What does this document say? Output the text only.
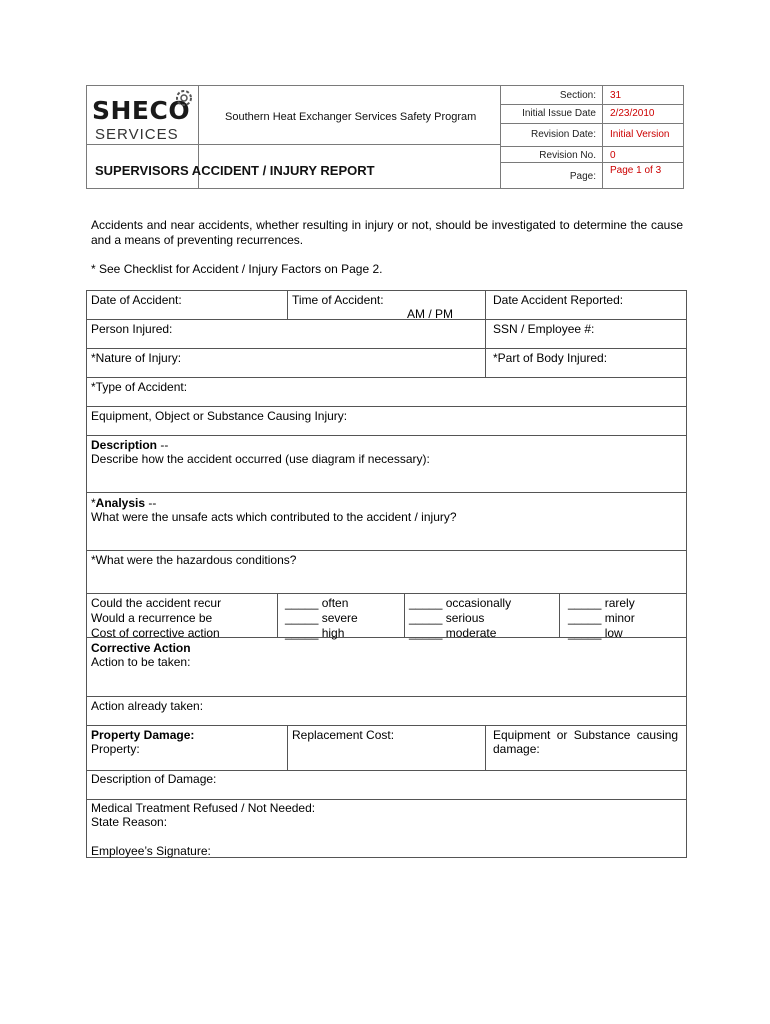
SHECO
SERVICES
Southern Heat Exchanger Services Safety Program
SUPERVISORS ACCIDENT / INJURY REPORT
Section: 31
Initial Issue Date 2/23/2010
Revision Date: Initial Version
Revision No. 0
Page:
Page 1 of 3
Accidents and near accidents, whether resulting in injury or not, should be investigated to determine the cause and a means of preventing recurrences.
* See Checklist for Accident / Injury Factors on Page 2.
Date of Accident:	Time of Accident:
AM / PM
Date Accident Reported:
Person Injured:	SSN / Employee #:
*Nature of Injury:	*Part of Body Injured:
*Type of Accident:
Equipment, Object or Substance Causing Injury:
Description --
Describe how the accident occurred (use diagram if necessary):
*Analysis --
What were the unsafe acts which contributed to the accident / injury?
*What were the hazardous conditions?
Could the accident recur	_____ often	_____ occasionally	_____ rarely
Would a recurrence be	_____ severe	_____ serious	_____ minor
Cost of corrective action	_____ high	_____ moderate	_____ low
Corrective Action
Action to be taken:
Action already taken:
Property Damage:
Property:
Replacement Cost:	Equipment or Substance causing
damage:
Description of Damage:
Medical Treatment Refused / Not Needed:
State Reason:
Employee’s Signature:
